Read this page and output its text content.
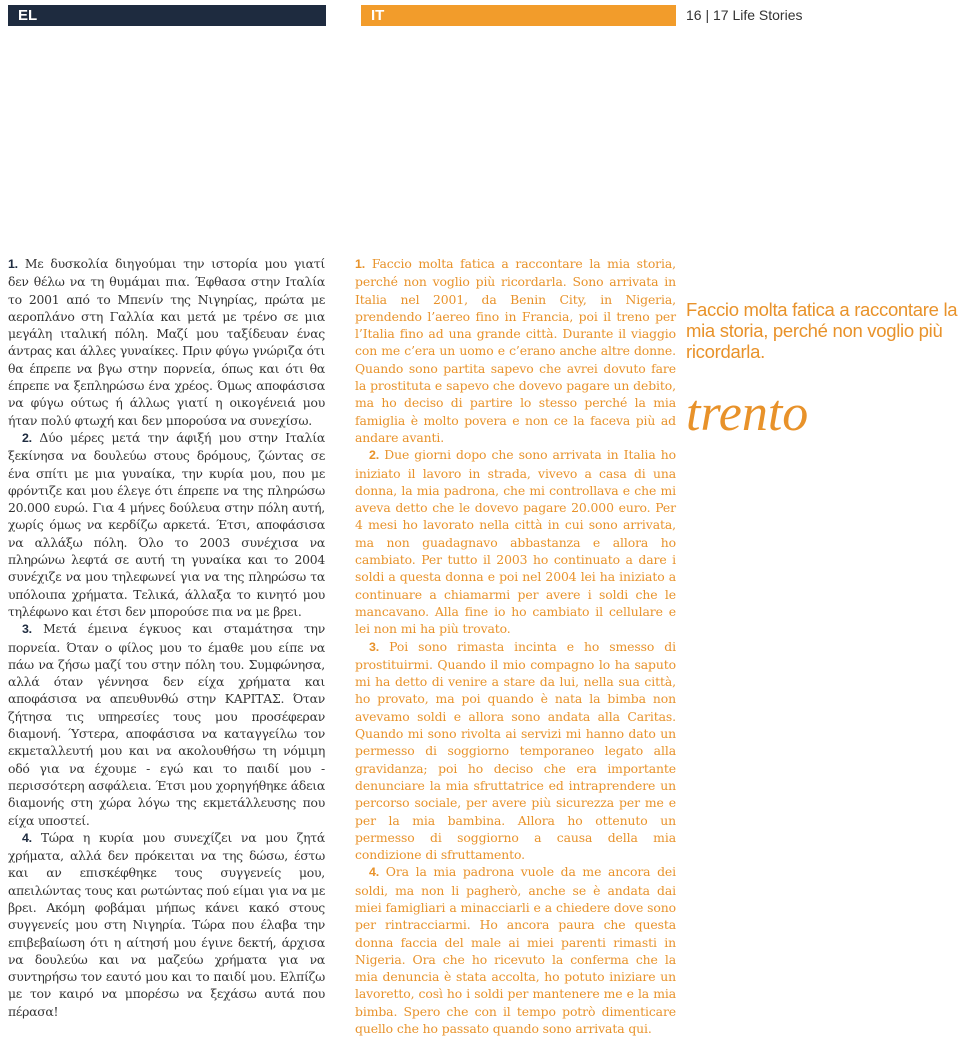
EL	IT	16 | 17 Life Stories

1. Με δυσκολία διηγούμαι την ιστορία μου γιατί δεν θέλω να τη θυμάμαι πια. Έφθασα στην Ιταλία το 2001 από το Μπενίν της Νιγηρίας, πρώτα με αεροπλάνο στη Γαλλία και μετά με τρένο σε μια μεγάλη ιταλική πόλη. Μαζί μου ταξίδευαν ένας άντρας και άλλες γυναίκες. Πριν φύγω γνώριζα ότι θα έπρεπε να βγω στην πορνεία, όπως και ότι θα έπρεπε να ξεπληρώσω ένα χρέος. Όμως αποφάσισα να φύγω ούτως ή άλλως γιατί η οικογένειά μου ήταν πολύ φτωχή και δεν μπορούσα να συνεχίσω.

2. Δύο μέρες μετά την άφιξή μου στην Ιταλία ξεκίνησα να δουλεύω στους δρόμους, ζώντας σε ένα σπίτι με μια γυναίκα, την κυρία μου, που με φρόντιζε και μου έλεγε ότι έπρεπε να της πληρώσω 20.000 ευρώ. Για 4 μήνες δούλευα στην πόλη αυτή, χωρίς όμως να κερδίζω αρκετά. Έτσι, αποφάσισα να αλλάξω πόλη. Όλο το 2003 συνέχισα να πληρώνω λεφτά σε αυτή τη γυναίκα και το 2004 συνέχιζε να μου τηλεφωνεί για να της πληρώσω τα υπόλοιπα χρήματα. Τελικά, άλλαξα το κινητό μου τηλέφωνο και έτσι δεν μπορούσε πια να με βρει.

3. Μετά έμεινα έγκυος και σταμάτησα την πορνεία. Όταν ο φίλος μου το έμαθε μου είπε να πάω να ζήσω μαζί του στην πόλη του. Συμφώνησα, αλλά όταν γέννησα δεν είχα χρήματα και αποφάσισα να απευθυνθώ στην ΚΑΡΙΤΑΣ. Όταν ζήτησα τις υπηρεσίες τους μου προσέφεραν διαμονή. Ύστερα, αποφάσισα να καταγγείλω τον εκμεταλλευτή μου και να ακολουθήσω τη νόμιμη οδό για να έχουμε - εγώ και το παιδί μου - περισσότερη ασφάλεια. Έτσι μου χορηγήθηκε άδεια διαμονής στη χώρα λόγω της εκμετάλλευσης που είχα υποστεί.

4. Τώρα η κυρία μου συνεχίζει να μου ζητά χρήματα, αλλά δεν πρόκειται να της δώσω, έστω και αν επισκέφθηκε τους συγγενείς μου, απειλώντας τους και ρωτώντας πού είμαι για να με βρει. Ακόμη φοβάμαι μήπως κάνει κακό στους συγγενείς μου στη Νιγηρία. Τώρα που έλαβα την επιβεβαίωση ότι η αίτησή μου έγινε δεκτή, άρχισα να δουλεύω και να μαζεύω χρήματα για να συντηρήσω τον εαυτό μου και το παιδί μου. Ελπίζω με τον καιρό να μπορέσω να ξεχάσω αυτά που πέρασα!

1. Faccio molta fatica a raccontare la mia storia, perché non voglio più ricordarla. Sono arrivata in Italia nel 2001, da Benin City, in Nigeria, prendendo l’aereo fino in Francia, poi il treno per l’Italia fino ad una grande città. Durante il viaggio con me c’era un uomo e c’erano anche altre donne. Quando sono partita sapevo che avrei dovuto fare la prostituta e sapevo che dovevo pagare un debito, ma ho deciso di partire lo stesso perché la mia famiglia è molto povera e non ce la faceva più ad andare avanti.

2. Due giorni dopo che sono arrivata in Italia ho iniziato il lavoro in strada, vivevo a casa di una donna, la mia padrona, che mi controllava e che mi aveva detto che le dovevo pagare 20.000 euro. Per 4 mesi ho lavorato nella città in cui sono arrivata, ma non guadagnavo abbastanza e allora ho cambiato. Per tutto il 2003 ho continuato a dare i soldi a questa donna e poi nel 2004 lei ha iniziato a continuare a chiamarmi per avere i soldi che le mancavano. Alla fine io ho cambiato il cellulare e lei non mi ha più trovato.

3. Poi sono rimasta incinta e ho smesso di prostituirmi. Quando il mio compagno lo ha saputo mi ha detto di venire a stare da lui, nella sua città, ho provato, ma poi quando è nata la bimba non avevamo soldi e allora sono andata alla Caritas. Quando mi sono rivolta ai servizi mi hanno dato un permesso di soggiorno temporaneo legato alla gravidanza; poi ho deciso che era importante denunciare la mia sfruttatrice ed intraprendere un percorso sociale, per avere più sicurezza per me e per la mia bambina. Allora ho ottenuto un permesso di soggiorno a causa della mia condizione di sfruttamento.

4. Ora la mia padrona vuole da me ancora dei soldi, ma non li pagherò, anche se è andata dai miei famigliari a minacciarli e a chiedere dove sono per rintracciarmi. Ho ancora paura che questa donna faccia del male ai miei parenti rimasti in Nigeria. Ora che ho ricevuto la conferma che la mia denuncia è stata accolta, ho potuto iniziare un lavoretto, così ho i soldi per mantenere me e la mia bimba. Spero che con il tempo potrò dimenticare quello che ho passato quando sono arrivata qui.

Faccio molta fatica a raccontare la mia storia, perché non voglio più ricordarla.
trento
